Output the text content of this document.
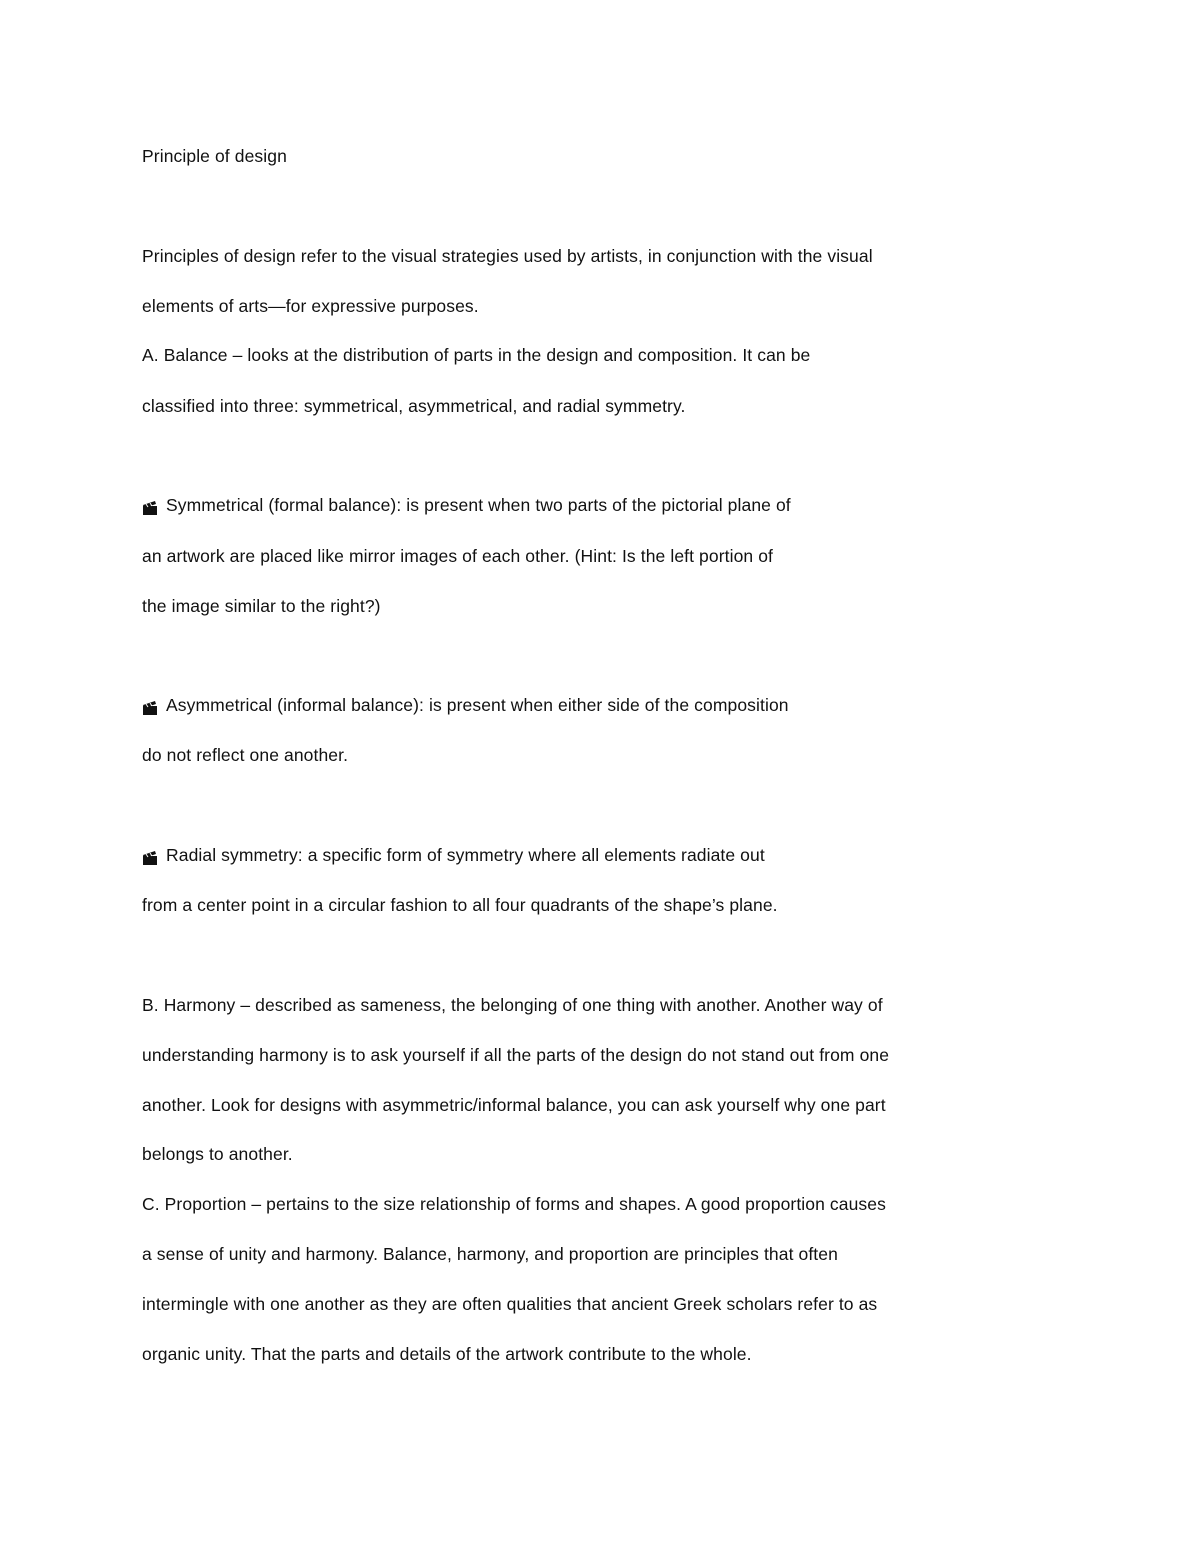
Principle of design
Principles of design refer to the visual strategies used by artists, in conjunction with the visual
elements of arts—for expressive purposes.
A. Balance – looks at the distribution of parts in the design and composition. It can be
classified into three: symmetrical, asymmetrical, and radial symmetry.
Symmetrical (formal balance): is present when two parts of the pictorial plane of
an artwork are placed like mirror images of each other. (Hint: Is the left portion of
the image similar to the right?)
Asymmetrical (informal balance): is present when either side of the composition
do not reflect one another.
Radial symmetry: a specific form of symmetry where all elements radiate out
from a center point in a circular fashion to all four quadrants of the shape’s plane.
B. Harmony – described as sameness, the belonging of one thing with another. Another way of
understanding harmony is to ask yourself if all the parts of the design do not stand out from one
another. Look for designs with asymmetric/informal balance, you can ask yourself why one part
belongs to another.
C. Proportion – pertains to the size relationship of forms and shapes. A good proportion causes
a sense of unity and harmony. Balance, harmony, and proportion are principles that often
intermingle with one another as they are often qualities that ancient Greek scholars refer to as
organic unity. That the parts and details of the artwork contribute to the whole.
